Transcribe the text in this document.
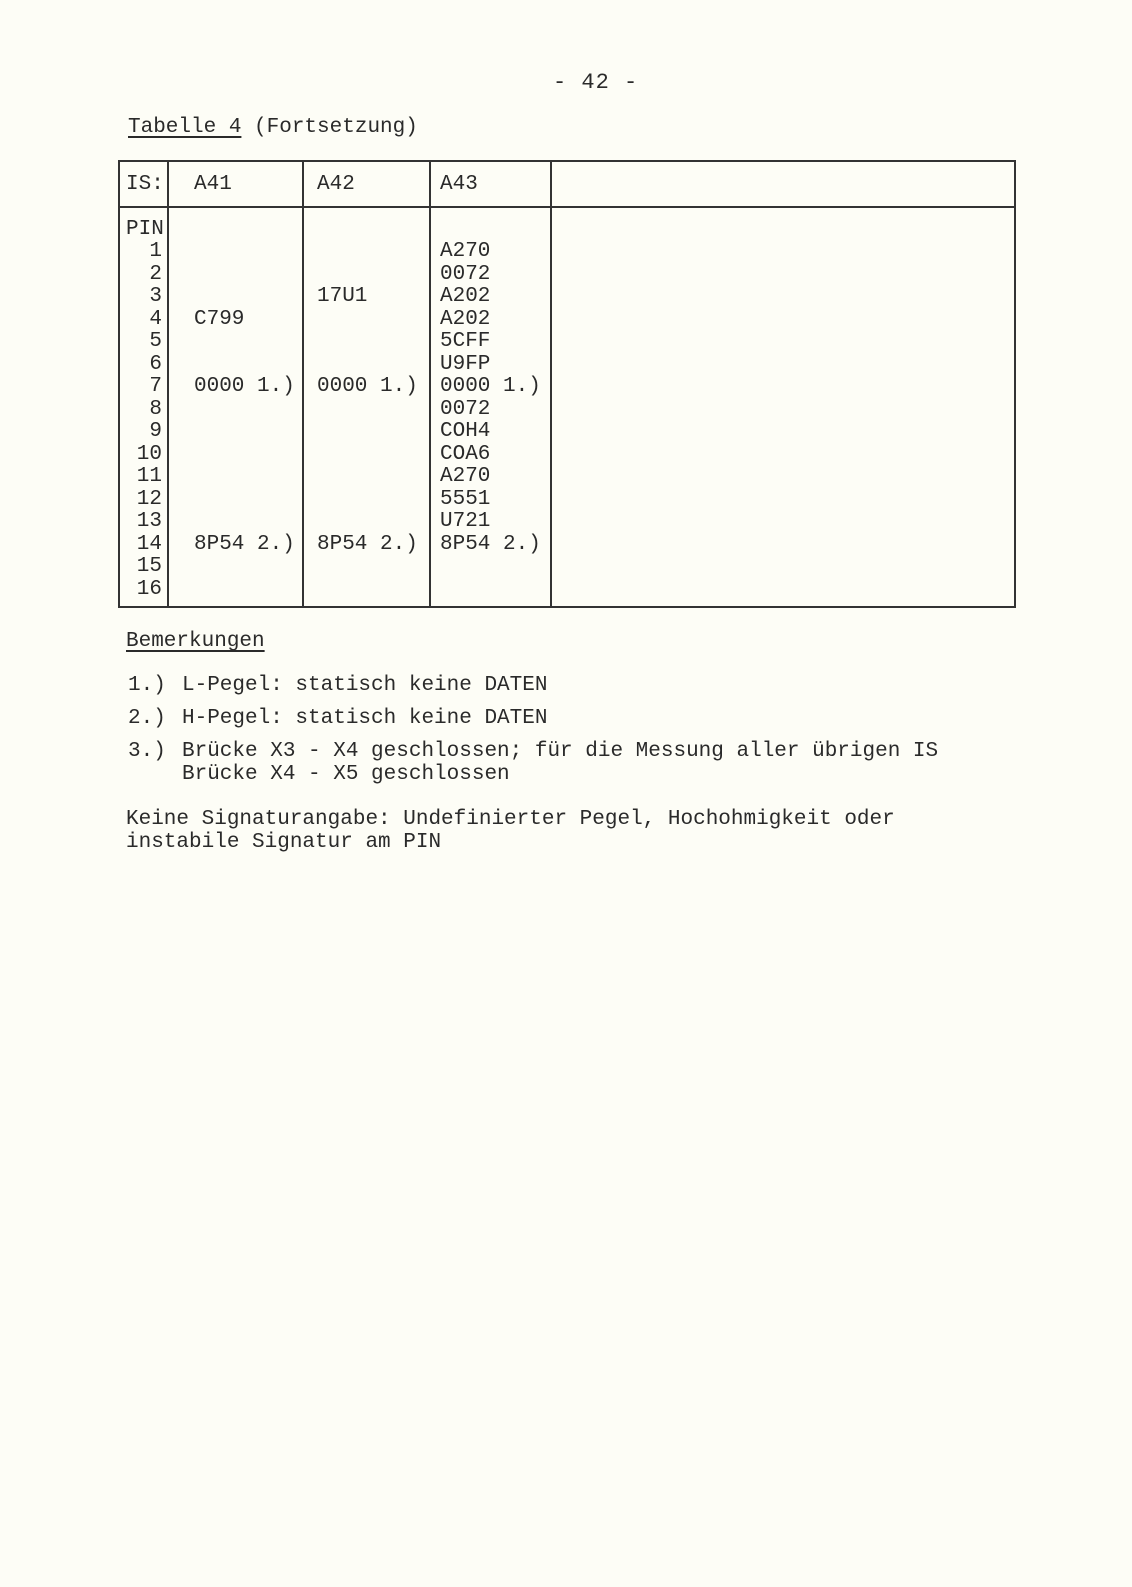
- 42 -
Tabelle 4 (Fortsetzung)
IS: A41	A42	A43
PIN
1
2
3
4
5
6
7
8
9
10
11
12
13
14
15
16
C799
0000 1.)
8P54 2.)
17U1
0000 1.)
8P54 2.)
A270
0072
A202
A202
5CFF
U9FP
0000 1.)
0072
COH4
COA6
A270
5551
U721
8P54 2.)
Bemerkungen
1.) L-Pegel: statisch keine DATEN
2.) H-Pegel: statisch keine DATEN
3.) Brücke X3 - X4 geschlossen; für die Messung aller übrigen IS
Brücke X4 - X5 geschlossen
Keine Signaturangabe: Undefinierter Pegel, Hochohmigkeit oder
instabile Signatur am PIN
